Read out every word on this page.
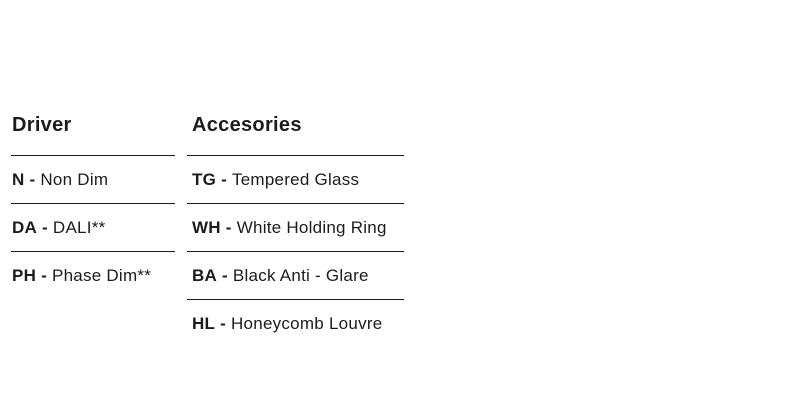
Driver
N - Non Dim
DA - DALI**
PH - Phase Dim**
Accesories
TG - Tempered Glass
WH - White Holding Ring
BA - Black Anti - Glare
HL - Honeycomb Louvre
